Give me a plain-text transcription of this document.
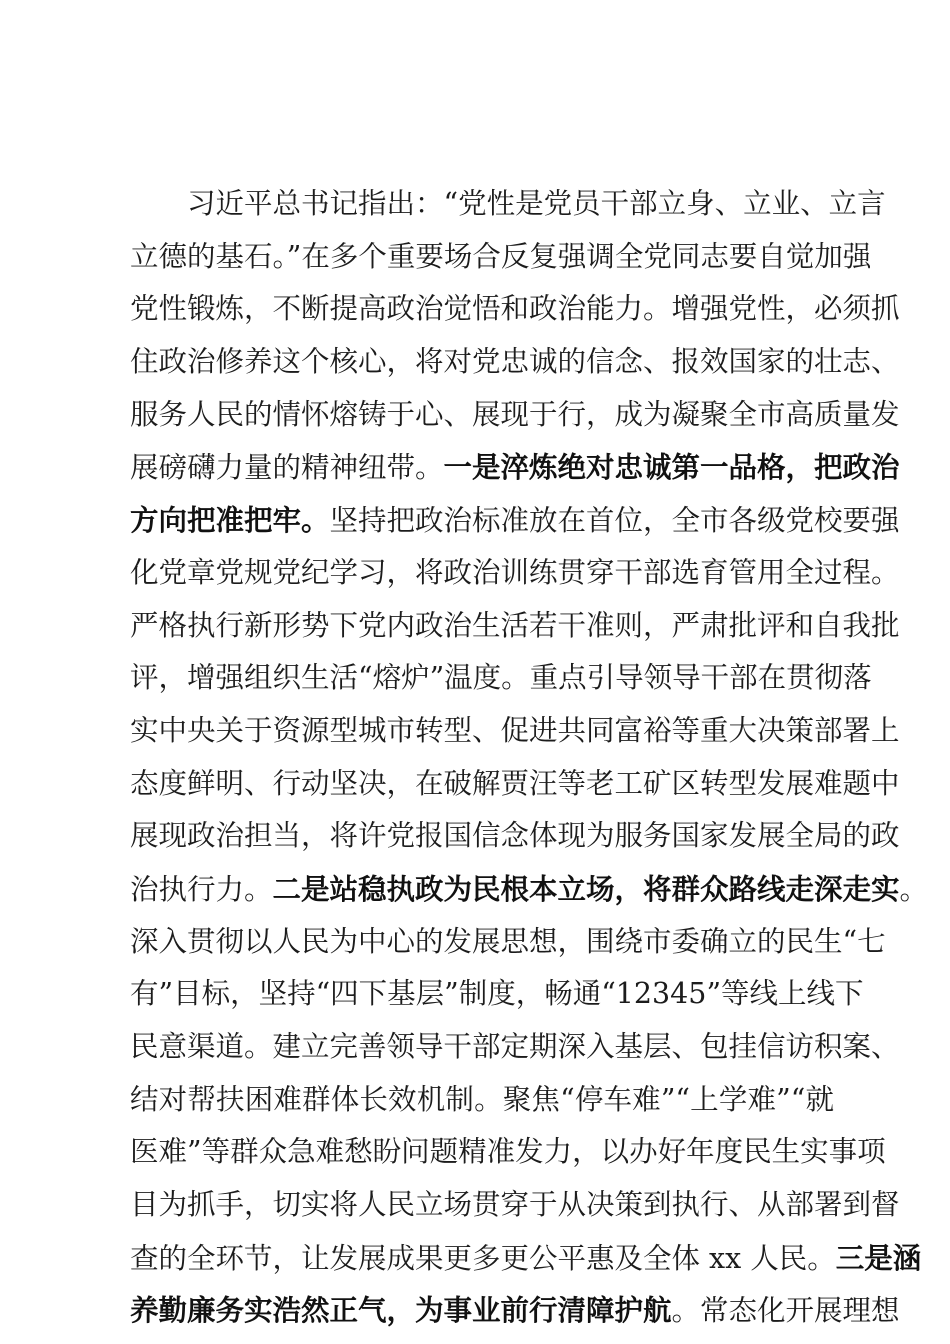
习近平总书记指出：“党性是党员干部立身、立业、立言
立德的基石。”在多个重要场合反复强调全党同志要自觉加强
党性锻炼，不断提高政治觉悟和政治能力。增强党性，必须抓
住政治修养这个核心，将对党忠诚的信念、报效国家的壮志、
服务人民的情怀熔铸于心、展现于行，成为凝聚全市高质量发
展磅礴力量的精神纽带。一是淬炼绝对忠诚第一品格，把政治
方向把准把牢。坚持把政治标准放在首位，全市各级党校要强
化党章党规党纪学习，将政治训练贯穿干部选育管用全过程。
严格执行新形势下党内政治生活若干准则，严肃批评和自我批
评，增强组织生活“熔炉”温度。重点引导领导干部在贯彻落
实中央关于资源型城市转型、促进共同富裕等重大决策部署上
态度鲜明、行动坚决，在破解贾汪等老工矿区转型发展难题中
展现政治担当，将许党报国信念体现为服务国家发展全局的政
治执行力。二是站稳执政为民根本立场，将群众路线走深走实。
深入贯彻以人民为中心的发展思想，围绕市委确立的民生“七
有”目标，坚持“四下基层”制度，畅通“12345”等线上线下
民意渠道。建立完善领导干部定期深入基层、包挂信访积案、
结对帮扶困难群体长效机制。聚焦“停车难”“上学难”“就
医难”等群众急难愁盼问题精准发力，以办好年度民生实事项
目为抓手，切实将人民立场贯穿于从决策到执行、从部署到督
查的全环节，让发展成果更多更公平惠及全体 xx 人民。三是涵
养勤廉务实浩然正气，为事业前行清障护航。常态化开展理想
